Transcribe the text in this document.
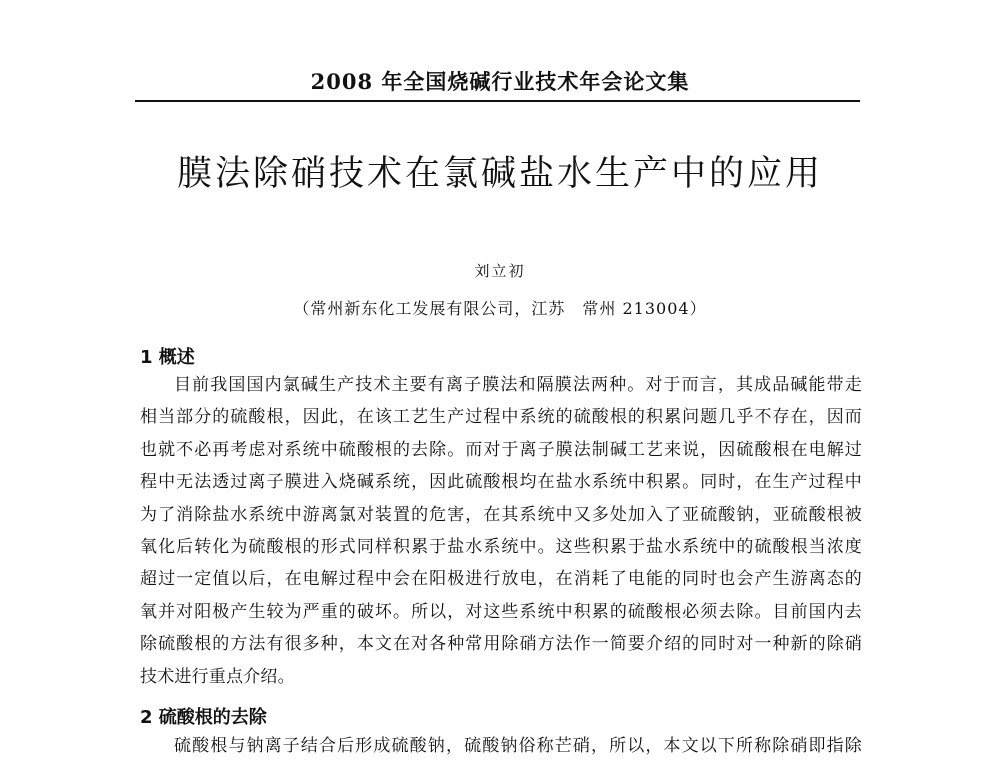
2008 年全国烧碱行业技术年会论文集
膜法除硝技术在氯碱盐水生产中的应用
刘立初
（常州新东化工发展有限公司，江苏　常州 213004）
1 概述
目前我国国内氯碱生产技术主要有离子膜法和隔膜法两种。对于而言，其成品碱能带走
相当部分的硫酸根，因此，在该工艺生产过程中系统的硫酸根的积累问题几乎不存在，因而
也就不必再考虑对系统中硫酸根的去除。而对于离子膜法制碱工艺来说，因硫酸根在电解过
程中无法透过离子膜进入烧碱系统，因此硫酸根均在盐水系统中积累。同时，在生产过程中
为了消除盐水系统中游离氯对装置的危害，在其系统中又多处加入了亚硫酸钠，亚硫酸根被
氧化后转化为硫酸根的形式同样积累于盐水系统中。这些积累于盐水系统中的硫酸根当浓度
超过一定值以后，在电解过程中会在阳极进行放电，在消耗了电能的同时也会产生游离态的
氧并对阳极产生较为严重的破坏。所以，对这些系统中积累的硫酸根必须去除。目前国内去
除硫酸根的方法有很多种，本文在对各种常用除硝方法作一简要介绍的同时对一种新的除硝
技术进行重点介绍。
2 硫酸根的去除
硫酸根与钠离子结合后形成硫酸钠，硫酸钠俗称芒硝，所以，本文以下所称除硝即指除
